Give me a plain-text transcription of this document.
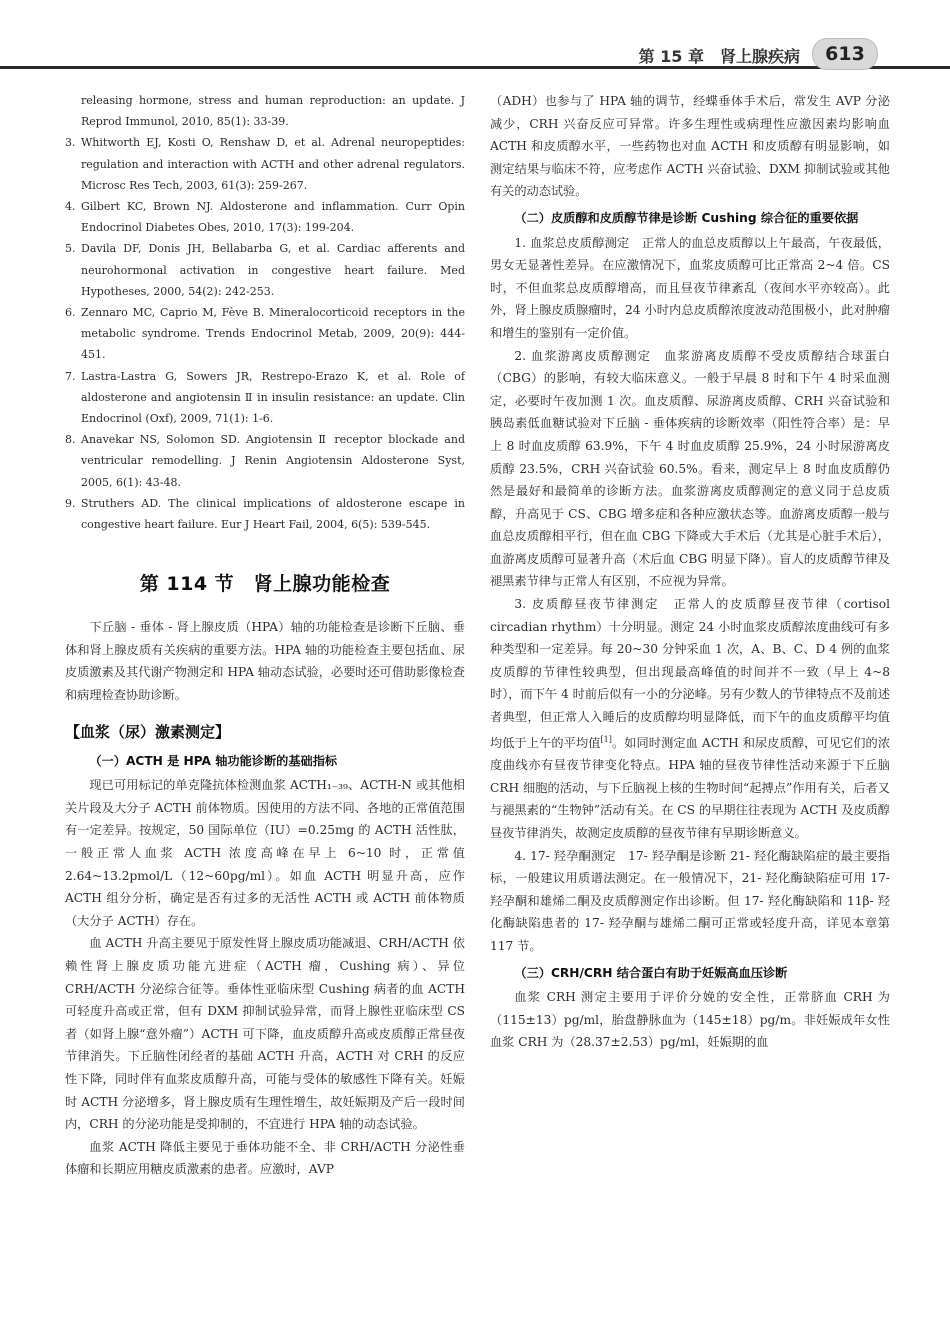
第 15 章　肾上腺疾病	613
releasing hormone, stress and human reproduction: an update. J Reprod Immunol, 2010, 85(1): 33-39.
3. Whitworth EJ, Kosti O, Renshaw D, et al. Adrenal neuropeptides: regulation and interaction with ACTH and other adrenal regulators. Microsc Res Tech, 2003, 61(3): 259-267.
4. Gilbert KC, Brown NJ. Aldosterone and inflammation. Curr Opin Endocrinol Diabetes Obes, 2010, 17(3): 199-204.
5. Davila DF, Donis JH, Bellabarba G, et al. Cardiac afferents and neurohormonal activation in congestive heart failure. Med Hypotheses, 2000, 54(2): 242-253.
6. Zennaro MC, Caprio M, Fève B. Mineralocorticoid receptors in the metabolic syndrome. Trends Endocrinol Metab, 2009, 20(9): 444-451.
7. Lastra-Lastra G, Sowers JR, Restrepo-Erazo K, et al. Role of aldosterone and angiotensin Ⅱ in insulin resistance: an update. Clin Endocrinol (Oxf), 2009, 71(1): 1-6.
8. Anavekar NS, Solomon SD. Angiotensin Ⅱ receptor blockade and ventricular remodelling. J Renin Angiotensin Aldosterone Syst, 2005, 6(1): 43-48.
9. Struthers AD. The clinical implications of aldosterone escape in congestive heart failure. Eur J Heart Fail, 2004, 6(5): 539-545.
第 114 节　肾上腺功能检查

下丘脑 - 垂体 - 肾上腺皮质（HPA）轴的功能检查是诊断下丘脑、垂体和肾上腺皮质有关疾病的重要方法。HPA 轴的功能检查主要包括血、尿皮质激素及其代谢产物测定和 HPA 轴动态试验，必要时还可借助影像检查和病理检查协助诊断。

【血浆（尿）激素测定】
（一）ACTH 是 HPA 轴功能诊断的基础指标

现已可用标记的单克隆抗体检测血浆 ACTH₁₋₃₉、ACTH-N 或其他相关片段及大分子 ACTH 前体物质。因使用的方法不同、各地的正常值范围有一定差异。按规定，50 国际单位（IU）=0.25mg 的 ACTH 活性肽，一般正常人血浆 ACTH 浓度高峰在早上 6~10 时，正常值 2.64~13.2pmol/L（12~60pg/ml）。如血 ACTH 明显升高，应作 ACTH 组分分析，确定是否有过多的无活性 ACTH 或 ACTH 前体物质（大分子 ACTH）存在。

血 ACTH 升高主要见于原发性肾上腺皮质功能减退、CRH/ACTH 依赖性肾上腺皮质功能亢进症（ACTH 瘤，Cushing 病）、异位 CRH/ACTH 分泌综合征等。垂体性亚临床型 Cushing 病者的血 ACTH 可轻度升高或正常，但有 DXM 抑制试验异常，而肾上腺性亚临床型 CS 者（如肾上腺“意外瘤”）ACTH 可下降，血皮质醇升高或皮质醇正常昼夜节律消失。下丘脑性闭经者的基础 ACTH 升高，ACTH 对 CRH 的反应性下降，同时伴有血浆皮质醇升高，可能与受体的敏感性下降有关。妊娠时 ACTH 分泌增多，肾上腺皮质有生理性增生，故妊娠期及产后一段时间内，CRH 的分泌功能是受抑制的，不宜进行 HPA 轴的动态试验。

血浆 ACTH 降低主要见于垂体功能不全、非 CRH/ACTH 分泌性垂体瘤和长期应用糖皮质激素的患者。应激时，AVP

（ADH）也参与了 HPA 轴的调节，经蝶垂体手术后，常发生 AVP 分泌减少，CRH 兴奋反应可异常。许多生理性或病理性应激因素均影响血 ACTH 和皮质醇水平，一些药物也对血 ACTH 和皮质醇有明显影响，如测定结果与临床不符，应考虑作 ACTH 兴奋试验、DXM 抑制试验或其他有关的动态试验。

（二）皮质醇和皮质醇节律是诊断 Cushing 综合征的重要依据

1. 血浆总皮质醇测定　正常人的血总皮质醇以上午最高，午夜最低，男女无显著性差异。在应激情况下，血浆皮质醇可比正常高 2~4 倍。CS 时，不但血浆总皮质醇增高，而且昼夜节律紊乱（夜间水平亦较高）。此外，肾上腺皮质腺瘤时，24 小时内总皮质醇浓度波动范围极小，此对肿瘤和增生的鉴别有一定价值。

2. 血浆游离皮质醇测定　血浆游离皮质醇不受皮质醇结合球蛋白（CBG）的影响，有较大临床意义。一般于早晨 8 时和下午 4 时采血测定，必要时午夜加测 1 次。血皮质醇、尿游离皮质醇、CRH 兴奋试验和胰岛素低血糖试验对下丘脑 - 垂体疾病的诊断效率（阳性符合率）是：早上 8 时血皮质醇 63.9%，下午 4 时血皮质醇 25.9%，24 小时尿游离皮质醇 23.5%，CRH 兴奋试验 60.5%。看来，测定早上 8 时血皮质醇仍然是最好和最简单的诊断方法。血浆游离皮质醇测定的意义同于总皮质醇，升高见于 CS、CBG 增多症和各种应激状态等。血游离皮质醇一般与血总皮质醇相平行，但在血 CBG 下降或大手术后（尤其是心脏手术后），血游离皮质醇可显著升高（术后血 CBG 明显下降）。盲人的皮质醇节律及褪黑素节律与正常人有区别，不应视为异常。

3. 皮质醇昼夜节律测定　正常人的皮质醇昼夜节律（cortisol circadian rhythm）十分明显。测定 24 小时血浆皮质醇浓度曲线可有多种类型和一定差异。每 20~30 分钟采血 1 次，A、B、C、D 4 例的血浆皮质醇的节律性较典型，但出现最高峰值的时间并不一致（早上 4~8 时），而下午 4 时前后似有一小的分泌峰。另有少数人的节律特点不及前述者典型，但正常人入睡后的皮质醇均明显降低，而下午的血皮质醇平均值均低于上午的平均值[1]。如同时测定血 ACTH 和尿皮质醇，可见它们的浓度曲线亦有昼夜节律变化特点。HPA 轴的昼夜节律性活动来源于下丘脑 CRH 细胞的活动，与下丘脑视上核的生物时间“起搏点”作用有关，后者又与褪黑素的“生物钟”活动有关。在 CS 的早期往往表现为 ACTH 及皮质醇昼夜节律消失，故测定皮质醇的昼夜节律有早期诊断意义。

4. 17- 羟孕酮测定　17- 羟孕酮是诊断 21- 羟化酶缺陷症的最主要指标，一般建议用质谱法测定。在一般情况下，21- 羟化酶缺陷症可用 17- 羟孕酮和雄烯二酮及皮质醇测定作出诊断。但 17- 羟化酶缺陷和 11β- 羟化酶缺陷患者的 17- 羟孕酮与雄烯二酮可正常或轻度升高，详见本章第 117 节。

（三）CRH/CRH 结合蛋白有助于妊娠高血压诊断

血浆 CRH 测定主要用于评价分娩的安全性，正常脐血 CRH 为（115±13）pg/ml，胎盘静脉血为（145±18）pg/m。非妊娠成年女性血浆 CRH 为（28.37±2.53）pg/ml，妊娠期的血
